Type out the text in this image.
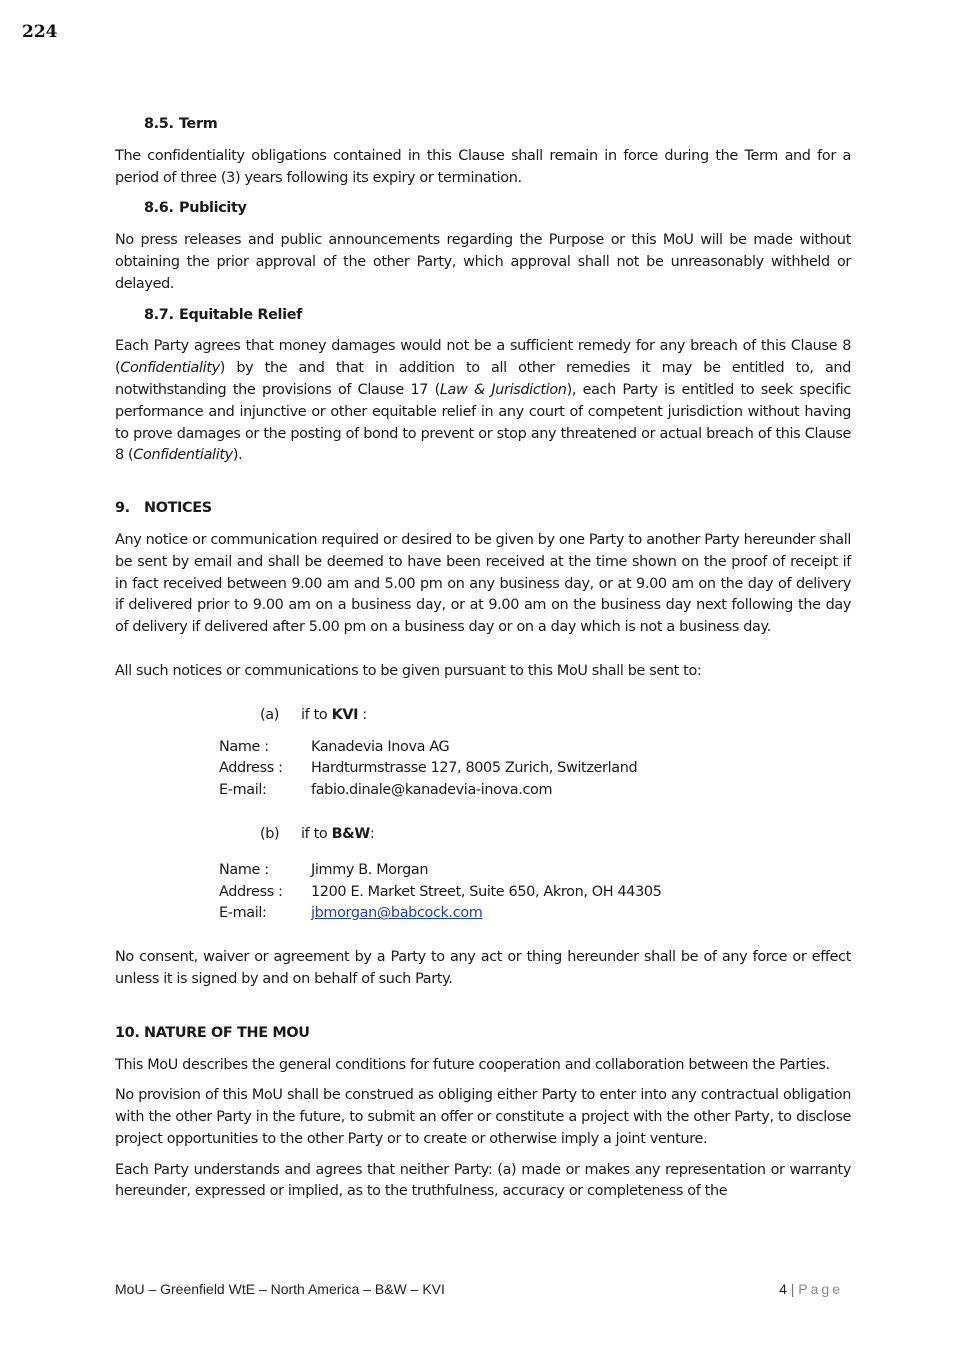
224

8.5. Term

The confidentiality obligations contained in this Clause shall remain in force during the Term and for a period of three (3) years following its expiry or termination.

8.6. Publicity

No press releases and public announcements regarding the Purpose or this MoU will be made without obtaining the prior approval of the other Party, which approval shall not be unreasonably withheld or delayed.

8.7. Equitable Relief

Each Party agrees that money damages would not be a sufficient remedy for any breach of this Clause 8 (Confidentiality) by the and that in addition to all other remedies it may be entitled to, and notwithstanding the provisions of Clause 17 (Law & Jurisdiction), each Party is entitled to seek specific performance and injunctive or other equitable relief in any court of competent jurisdiction without having to prove damages or the posting of bond to prevent or stop any threatened or actual breach of this Clause 8 (Confidentiality).

9. NOTICES

Any notice or communication required or desired to be given by one Party to another Party hereunder shall be sent by email and shall be deemed to have been received at the time shown on the proof of receipt if in fact received between 9.00 am and 5.00 pm on any business day, or at 9.00 am on the day of delivery if delivered prior to 9.00 am on a business day, or at 9.00 am on the business day next following the day of delivery if delivered after 5.00 pm on a business day or on a day which is not a business day.

All such notices or communications to be given pursuant to this MoU shall be sent to:

(a) if to KVI :

Name :	Kanadevia Inova AG
Address :	Hardturmstrasse 127, 8005 Zurich, Switzerland
E-mail:	fabio.dinale@kanadevia-inova.com

(b) if to B&W:

Name :	Jimmy B. Morgan
Address :	1200 E. Market Street, Suite 650, Akron, OH 44305
E-mail:	jbmorgan@babcock.com

No consent, waiver or agreement by a Party to any act or thing hereunder shall be of any force or effect unless it is signed by and on behalf of such Party.

10. NATURE OF THE MOU

This MoU describes the general conditions for future cooperation and collaboration between the Parties.

No provision of this MoU shall be construed as obliging either Party to enter into any contractual obligation with the other Party in the future, to submit an offer or constitute a project with the other Party, to disclose project opportunities to the other Party or to create or otherwise imply a joint venture.

Each Party understands and agrees that neither Party: (a) made or makes any representation or warranty hereunder, expressed or implied, as to the truthfulness, accuracy or completeness of the

MoU – Greenfield WtE – North America – B&W – KVI	4 | Page
